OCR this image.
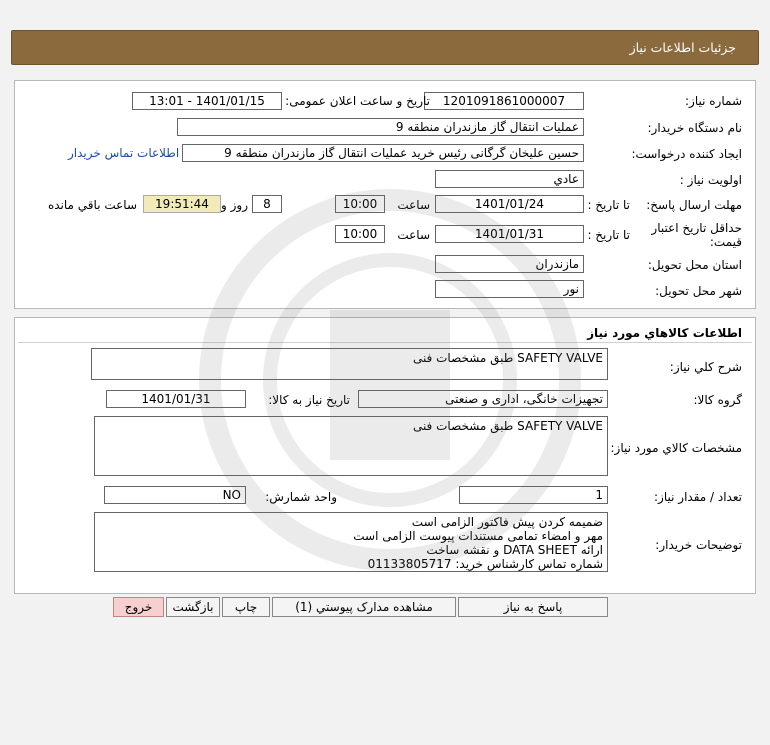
جزئیات اطلاعات نیاز
شماره نیاز:
1201091861000007
تاریخ و ساعت اعلان عمومی:
1401/01/15 - 13:01
نام دستگاه خریدار:
عملیات انتقال گاز مازندران منطقه 9
ایجاد کننده درخواست:
حسین علیخان گرگانی رئیس خرید عملیات انتقال گاز مازندران منطقه 9
اطلاعات تماس خریدار
اولویت نیاز :
عادي
مهلت ارسال پاسخ:
تا تاریخ :
1401/01/24
ساعت
10:00
8
روز و
19:51:44
ساعت باقي مانده
حداقل تاریخ اعتبار قیمت:
تا تاریخ :
1401/01/31
ساعت
10:00
استان محل تحویل:
مازندران
شهر محل تحویل:
نور
اطلاعات کالاهاي مورد نياز
شرح کلي نياز:
SAFETY VALVE طبق مشخصات فنی
گروه کالا:
تجهیزات خانگی، اداری و صنعتی
تاریخ نیاز به کالا:
1401/01/31
مشخصات کالاي مورد نياز:
SAFETY VALVE طبق مشخصات فنی
تعداد / مقدار نیاز:
1
واحد شمارش:
NO
توضیحات خریدار:
ضمیمه کردن پیش فاکتور الزامی است
مهر و امضاء تمامی مستندات پیوست الزامی است
ارائه DATA SHEET و نقشه ساخت
شماره تماس کارشناس خرید: 01133805717
پاسخ به نیاز
مشاهده مدارک پیوستي (1)
چاپ
بازگشت
خروج
